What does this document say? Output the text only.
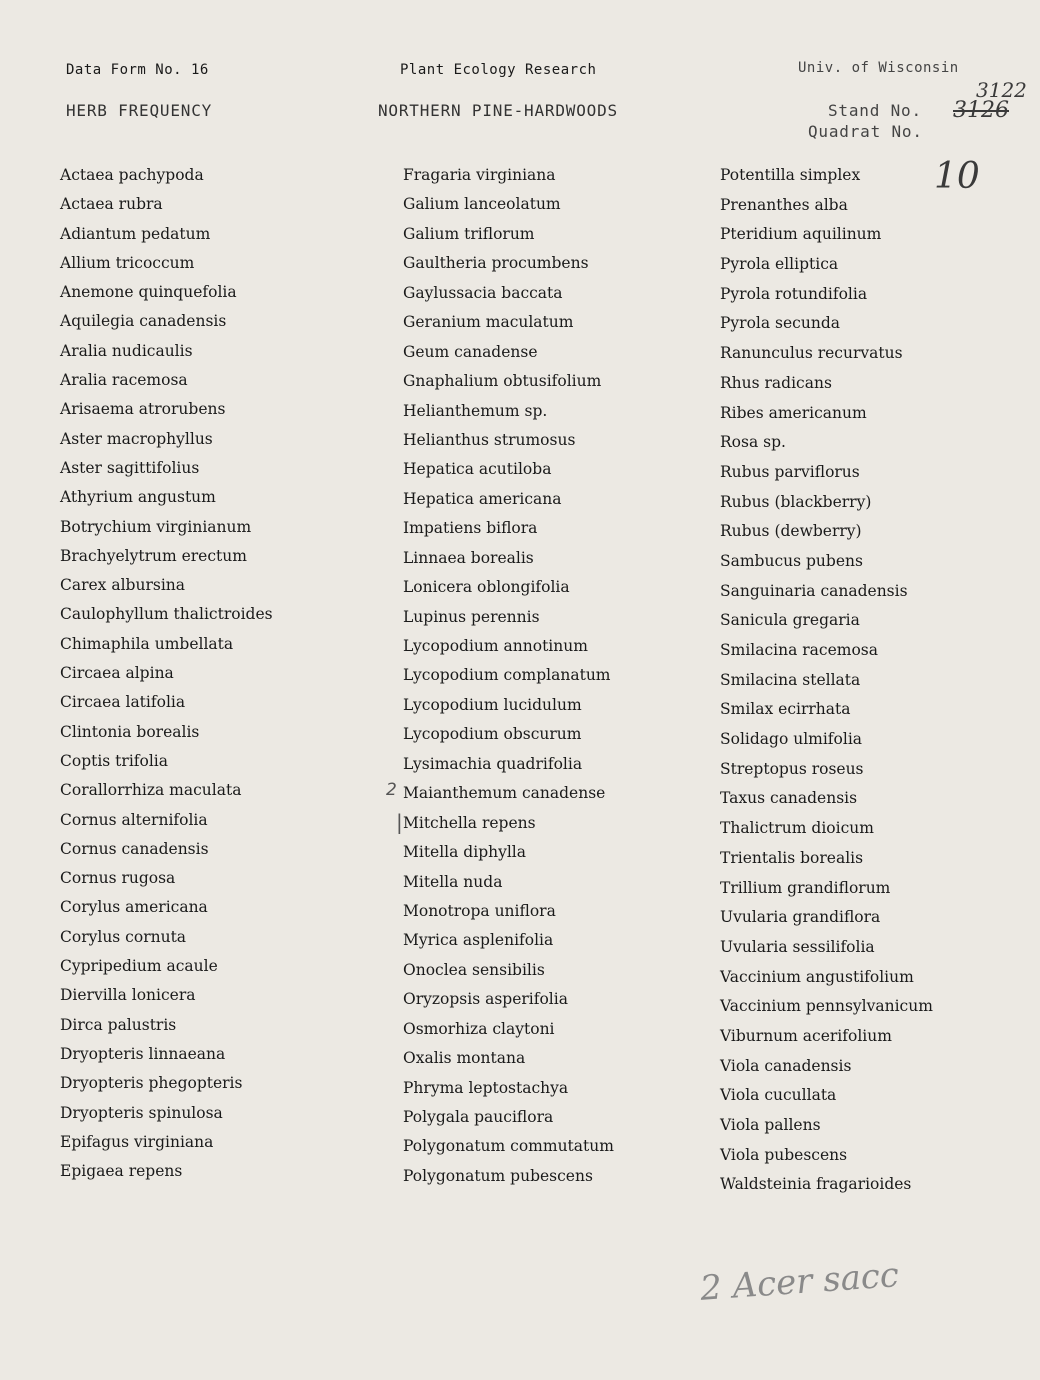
Data Form No. 16	Plant Ecology Research	Univ. of Wisconsin
HERB FREQUENCY	NORTHERN PINE-HARDWOODS	Stand No.
Quadrat No.
3122
3126
10
Actaea pachypoda
Actaea rubra
Adiantum pedatum
Allium tricoccum
Anemone quinquefolia
Aquilegia canadensis
Aralia nudicaulis
Aralia racemosa
Arisaema atrorubens
Aster macrophyllus
Aster sagittifolius
Athyrium angustum
Botrychium virginianum
Brachyelytrum erectum
Carex albursina
Caulophyllum thalictroides
Chimaphila umbellata
Circaea alpina
Circaea latifolia
Clintonia borealis
Coptis trifolia
Corallorrhiza maculata
Cornus alternifolia
Cornus canadensis
Cornus rugosa
Corylus americana
Corylus cornuta
Cypripedium acaule
Diervilla lonicera
Dirca palustris
Dryopteris linnaeana
Dryopteris phegopteris
Dryopteris spinulosa
Epifagus virginiana
Epigaea repens
Fragaria virginiana
Galium lanceolatum
Galium triflorum
Gaultheria procumbens
Gaylussacia baccata
Geranium maculatum
Geum canadense
Gnaphalium obtusifolium
Helianthemum sp.
Helianthus strumosus
Hepatica acutiloba
Hepatica americana
Impatiens biflora
Linnaea borealis
Lonicera oblongifolia
Lupinus perennis
Lycopodium annotinum
Lycopodium complanatum
Lycopodium lucidulum
Lycopodium obscurum
Lysimachia quadrifolia
Maianthemum canadense
Mitchella repens
Mitella diphylla
Mitella nuda
Monotropa uniflora
Myrica asplenifolia
Onoclea sensibilis
Oryzopsis asperifolia
Osmorhiza claytoni
Oxalis montana
Phryma leptostachya
Polygala pauciflora
Polygonatum commutatum
Polygonatum pubescens
Potentilla simplex
Prenanthes alba
Pteridium aquilinum
Pyrola elliptica
Pyrola rotundifolia
Pyrola secunda
Ranunculus recurvatus
Rhus radicans
Ribes americanum
Rosa sp.
Rubus parviflorus
Rubus (blackberry)
Rubus (dewberry)
Sambucus pubens
Sanguinaria canadensis
Sanicula gregaria
Smilacina racemosa
Smilacina stellata
Smilax ecirrhata
Solidago ulmifolia
Streptopus roseus
Taxus canadensis
Thalictrum dioicum
Trientalis borealis
Trillium grandiflorum
Uvularia grandiflora
Uvularia sessilifolia
Vaccinium angustifolium
Vaccinium pennsylvanicum
Viburnum acerifolium
Viola canadensis
Viola cucullata
Viola pallens
Viola pubescens
Waldsteinia fragarioides
2
|
2 Acer sacc
